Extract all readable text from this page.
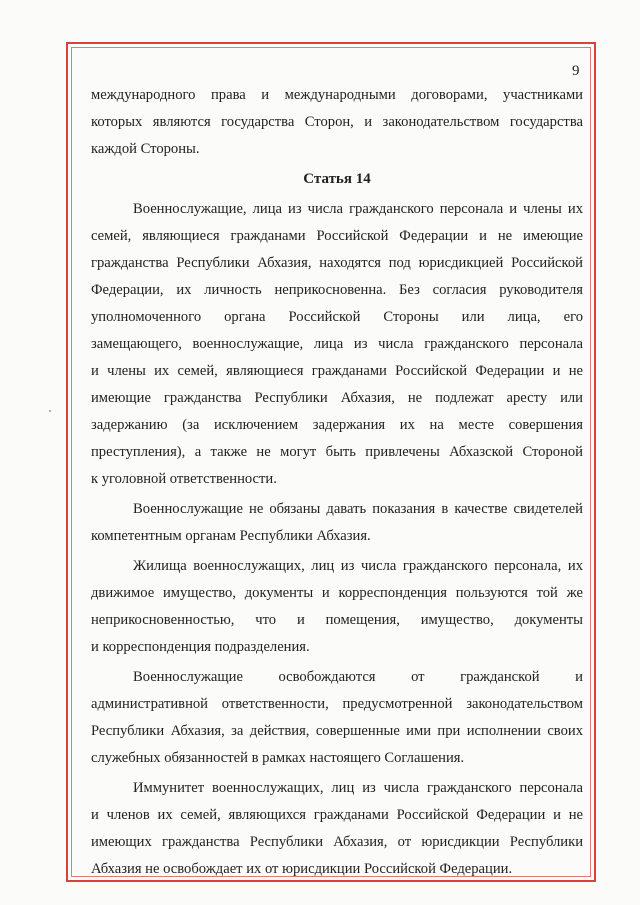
9
международного права и международными договорами, участниками
которых являются государства Сторон, и законодательством государства
каждой Стороны.
Статья 14
Военнослужащие, лица из числа гражданского персонала и члены их
семей, являющиеся гражданами Российской Федерации и не имеющие
гражданства Республики Абхазия, находятся под юрисдикцией Российской
Федерации, их личность неприкосновенна. Без согласия руководителя
уполномоченного органа Российской Стороны или лица, его
замещающего, военнослужащие, лица из числа гражданского персонала
и члены их семей, являющиеся гражданами Российской Федерации и не
имеющие гражданства Республики Абхазия, не подлежат аресту или
задержанию (за исключением задержания их на месте совершения
преступления), а также не могут быть привлечены Абхазской Стороной
к уголовной ответственности.
Военнослужащие не обязаны давать показания в качестве свидетелей
компетентным органам Республики Абхазия.
Жилища военнослужащих, лиц из числа гражданского персонала, их
движимое имущество, документы и корреспонденция пользуются той же
неприкосновенностью, что и помещения, имущество, документы
и корреспонденция подразделения.
Военнослужащие освобождаются от гражданской и
административной ответственности, предусмотренной законодательством
Республики Абхазия, за действия, совершенные ими при исполнении своих
служебных обязанностей в рамках настоящего Соглашения.
Иммунитет военнослужащих, лиц из числа гражданского персонала
и членов их семей, являющихся гражданами Российской Федерации и не
имеющих гражданства Республики Абхазия, от юрисдикции Республики
Абхазия не освобождает их от юрисдикции Российской Федерации.
